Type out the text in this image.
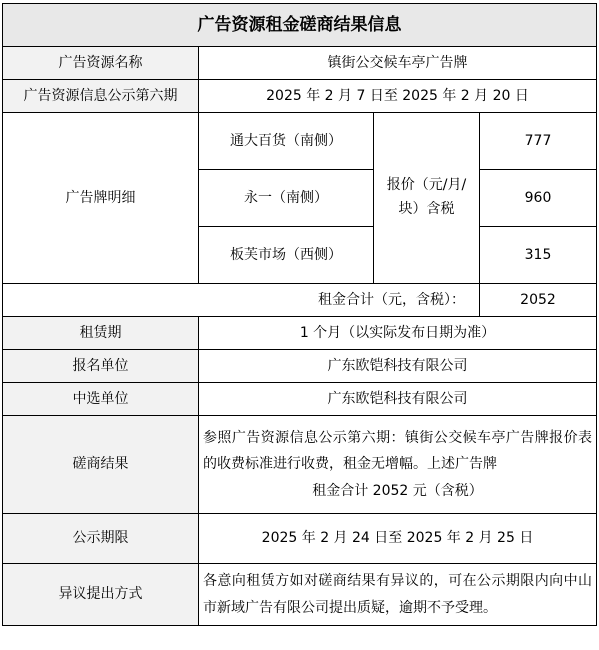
广告资源租金磋商结果信息			
广告资源名称	镇街公交候车亭广告牌		
广告资源信息公示第六期	2025 年 2 月 7 日至 2025 年 2 月 20 日		
广告牌明细	通大百货（南侧）	报价（元/月/块）含税	777
	永一（南侧）		960
	板芙市场（西侧）		315
租金合计（元，含税）：			2052
租赁期	1 个月（以实际发布日期为准）		
报名单位	广东欧铠科技有限公司		
中选单位	广东欧铠科技有限公司		
磋商结果	参照广告资源信息公示第六期：镇街公交候车亭广告牌报价表的收费标准进行收费，租金无增幅。上述广告牌
租金合计 2052 元（含税）		

公示期限	2025 年 2 月 24 日至 2025 年 2 月 25 日		
异议提出方式	各意向租赁方如对磋商结果有异议的，可在公示期限内向中山市新域广告有限公司提出质疑，逾期不予受理。		
